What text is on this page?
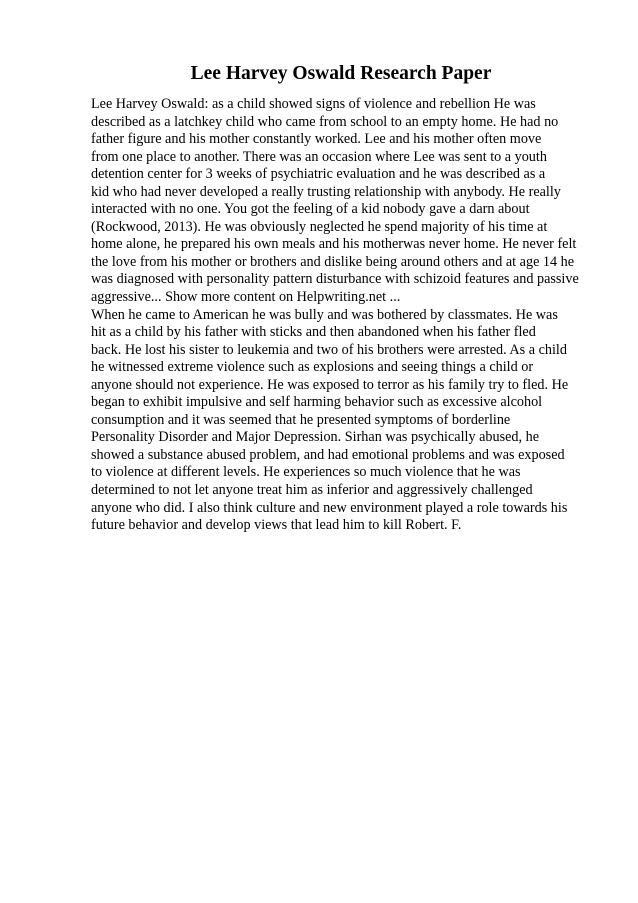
Lee Harvey Oswald Research Paper
Lee Harvey Oswald: as a child showed signs of violence and rebellion He was
described as a latchkey child who came from school to an empty home. He had no
father figure and his mother constantly worked. Lee and his mother often move
from one place to another. There was an occasion where Lee was sent to a youth
detention center for 3 weeks of psychiatric evaluation and he was described as a
kid who had never developed a really trusting relationship with anybody. He really
interacted with no one. You got the feeling of a kid nobody gave a darn about
(Rockwood, 2013). He was obviously neglected he spend majority of his time at
home alone, he prepared his own meals and his motherwas never home. He never felt
the love from his mother or brothers and dislike being around others and at age 14 he
was diagnosed with personality pattern disturbance with schizoid features and passive
aggressive... Show more content on Helpwriting.net ...
When he came to American he was bully and was bothered by classmates. He was
hit as a child by his father with sticks and then abandoned when his father fled
back. He lost his sister to leukemia and two of his brothers were arrested. As a child
he witnessed extreme violence such as explosions and seeing things a child or
anyone should not experience. He was exposed to terror as his family try to fled. He
began to exhibit impulsive and self harming behavior such as excessive alcohol
consumption and it was seemed that he presented symptoms of borderline
Personality Disorder and Major Depression. Sirhan was psychically abused, he
showed a substance abused problem, and had emotional problems and was exposed
to violence at different levels. He experiences so much violence that he was
determined to not let anyone treat him as inferior and aggressively challenged
anyone who did. I also think culture and new environment played a role towards his
future behavior and develop views that lead him to kill Robert. F.
